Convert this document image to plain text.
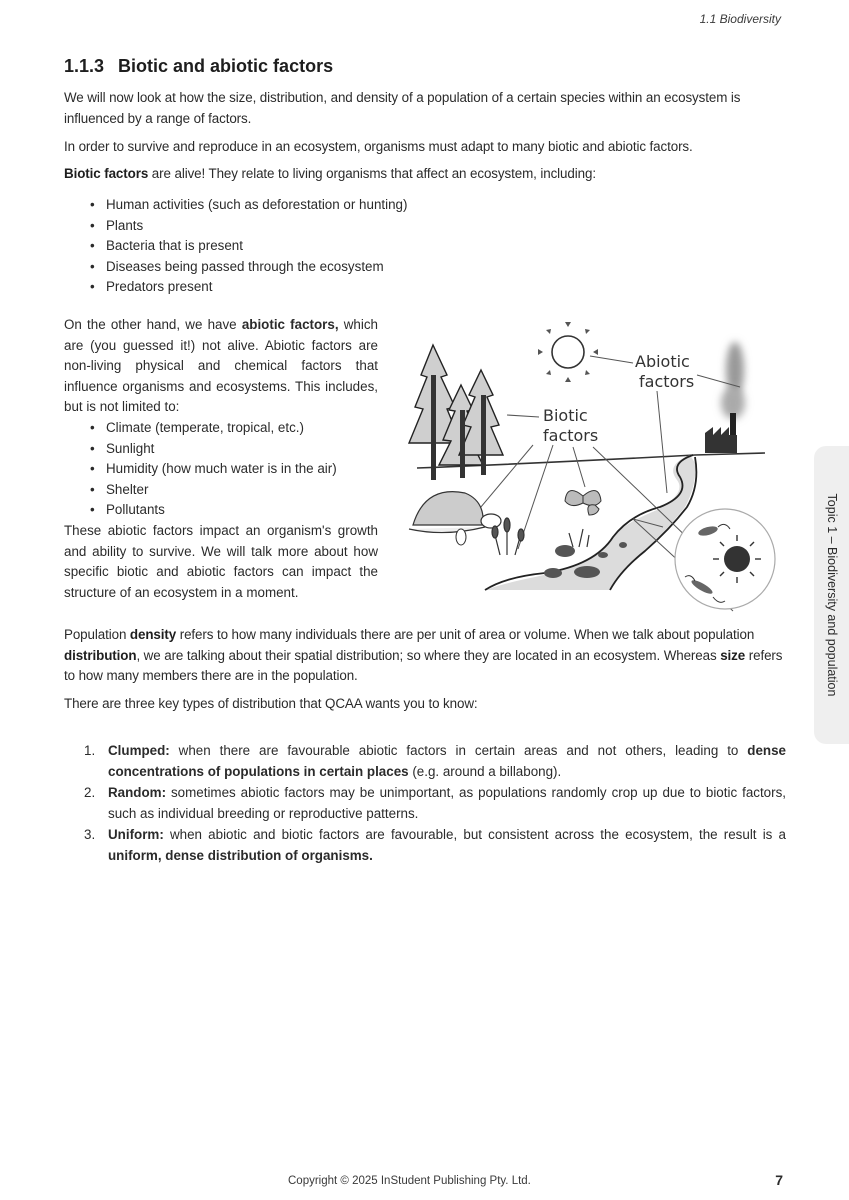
1.1 Biodiversity
1.1.3 Biotic and abiotic factors

We will now look at how the size, distribution, and density of a population of a certain species within an ecosystem is influenced by a range of factors.

In order to survive and reproduce in an ecosystem, organisms must adapt to many biotic and abiotic factors.

Biotic factors are alive! They relate to living organisms that affect an ecosystem, including:

• Human activities (such as deforestation or hunting)
• Plants
• Bacteria that is present
• Diseases being passed through the ecosystem
• Predators present

On the other hand, we have abiotic factors, which are (you guessed it!) not alive. Abiotic factors are non-living physical and chemical factors that influence organisms and ecosystems. This includes, but is not limited to:

• Climate (temperate, tropical, etc.)
• Sunlight
• Humidity (how much water is in the air)
• Shelter
• Pollutants

These abiotic factors impact an organism's growth and ability to survive. We will talk more about how specific biotic and abiotic factors can impact the structure of an ecosystem in a moment.

Abiotic
factors
Biotic
factors

Population density refers to how many individuals there are per unit of area or volume. When we talk about population distribution, we are talking about their spatial distribution; so where they are located in an ecosystem. Whereas size refers to how many members there are in the population.

There are three key types of distribution that QCAA wants you to know:

1. Clumped: when there are favourable abiotic factors in certain areas and not others, leading to dense concentrations of populations in certain places (e.g. around a billabong).
2. Random: sometimes abiotic factors may be unimportant, as populations randomly crop up due to biotic factors, such as individual breeding or reproductive patterns.
3. Uniform: when abiotic and biotic factors are favourable, but consistent across the ecosystem, the result is a uniform, dense distribution of organisms.
Topic 1 – Biodiversity and population
Copyright © 2025 InStudent Publishing Pty. Ltd.	7
